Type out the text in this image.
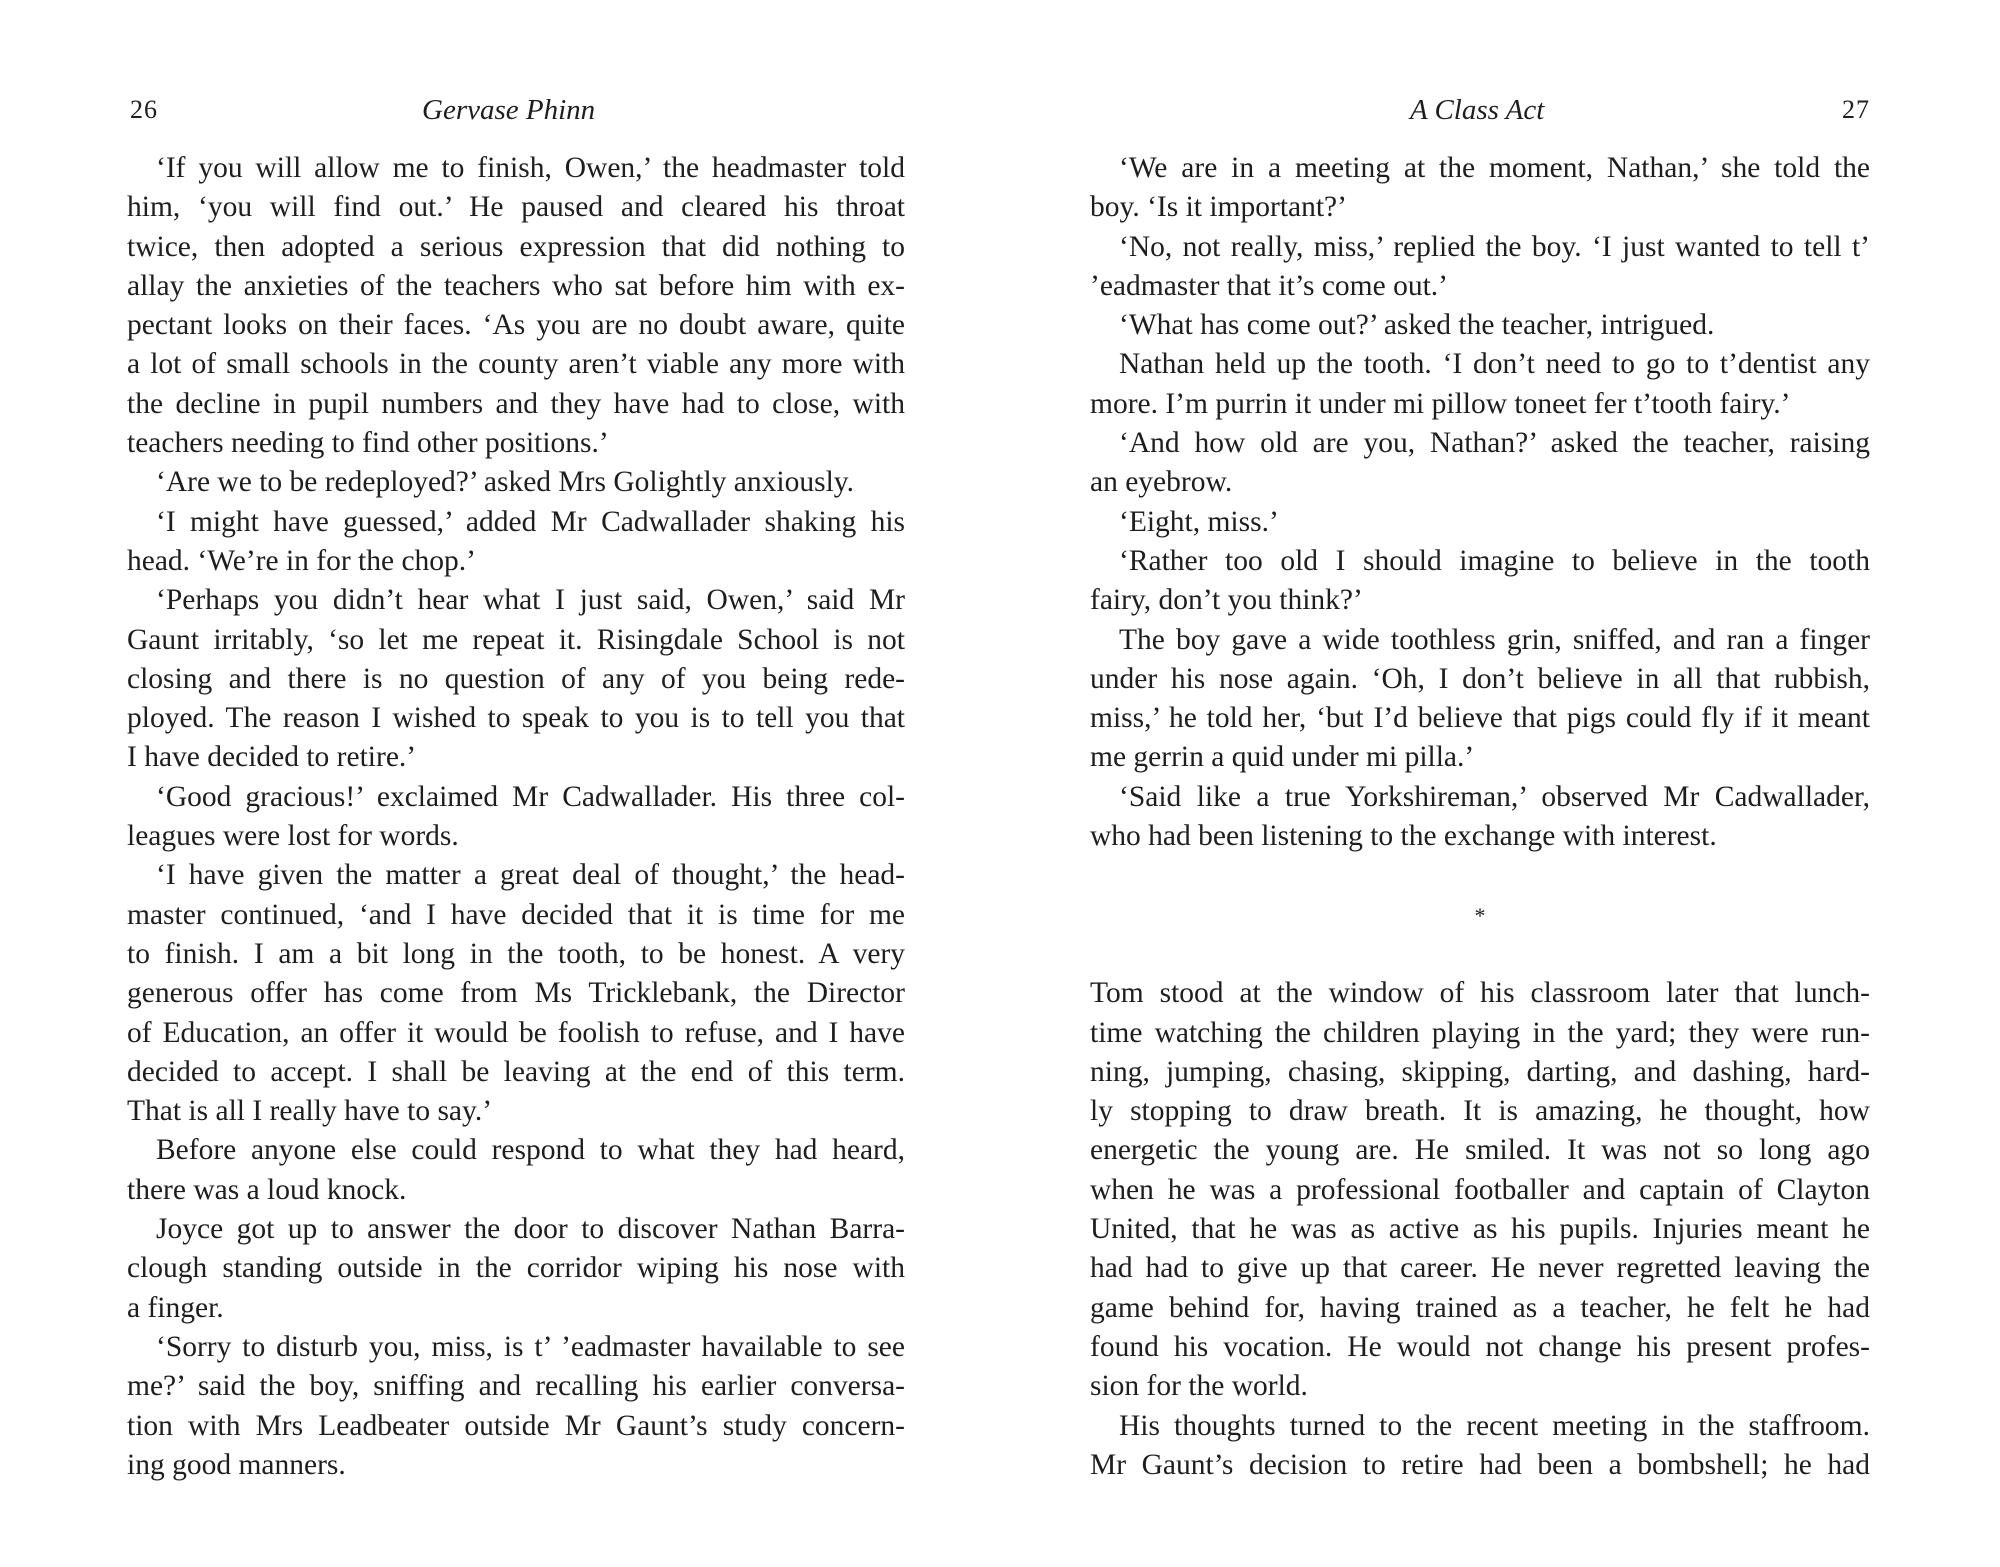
26	Gervase Phinn
‘If you will allow me to finish, Owen,’ the headmaster told
him, ‘you will find out.’ He paused and cleared his throat
twice, then adopted a serious expression that did nothing to
allay the anxieties of the teachers who sat before him with ex-
pectant looks on their faces. ‘As you are no doubt aware, quite
a lot of small schools in the county aren’t viable any more with
the decline in pupil numbers and they have had to close, with
teachers needing to find other positions.’
‘Are we to be redeployed?’ asked Mrs Golightly anxiously.
‘I might have guessed,’ added Mr Cadwallader shaking his
head. ‘We’re in for the chop.’
‘Perhaps you didn’t hear what I just said, Owen,’ said Mr
Gaunt irritably, ‘so let me repeat it. Risingdale School is not
closing and there is no question of any of you being rede-
ployed. The reason I wished to speak to you is to tell you that
I have decided to retire.’
‘Good gracious!’ exclaimed Mr Cadwallader. His three col-
leagues were lost for words.
‘I have given the matter a great deal of thought,’ the head-
master continued, ‘and I have decided that it is time for me
to finish. I am a bit long in the tooth, to be honest. A very
generous offer has come from Ms Tricklebank, the Director
of Education, an offer it would be foolish to refuse, and I have
decided to accept. I shall be leaving at the end of this term.
That is all I really have to say.’
Before anyone else could respond to what they had heard,
there was a loud knock.
Joyce got up to answer the door to discover Nathan Barra-
clough standing outside in the corridor wiping his nose with
a finger.
‘Sorry to disturb you, miss, is t’ ’eadmaster havailable to see
me?’ said the boy, sniffing and recalling his earlier conversa-
tion with Mrs Leadbeater outside Mr Gaunt’s study concern-
ing good manners.
A Class Act	27
‘We are in a meeting at the moment, Nathan,’ she told the
boy. ‘Is it important?’
‘No, not really, miss,’ replied the boy. ‘I just wanted to tell t’
’eadmaster that it’s come out.’
‘What has come out?’ asked the teacher, intrigued.
Nathan held up the tooth. ‘I don’t need to go to t’dentist any
more. I’m purrin it under mi pillow toneet fer t’tooth fairy.’
‘And how old are you, Nathan?’ asked the teacher, raising
an eyebrow.
‘Eight, miss.’
‘Rather too old I should imagine to believe in the tooth
fairy, don’t you think?’
The boy gave a wide toothless grin, sniffed, and ran a finger
under his nose again. ‘Oh, I don’t believe in all that rubbish,
miss,’ he told her, ‘but I’d believe that pigs could fly if it meant
me gerrin a quid under mi pilla.’
‘Said like a true Yorkshireman,’ observed Mr Cadwallader,
who had been listening to the exchange with interest.
*
Tom stood at the window of his classroom later that lunch-
time watching the children playing in the yard; they were run-
ning, jumping, chasing, skipping, darting, and dashing, hard-
ly stopping to draw breath. It is amazing, he thought, how
energetic the young are. He smiled. It was not so long ago
when he was a professional footballer and captain of Clayton
United, that he was as active as his pupils. Injuries meant he
had had to give up that career. He never regretted leaving the
game behind for, having trained as a teacher, he felt he had
found his vocation. He would not change his present profes-
sion for the world.
His thoughts turned to the recent meeting in the staffroom.
Mr Gaunt’s decision to retire had been a bombshell; he had
